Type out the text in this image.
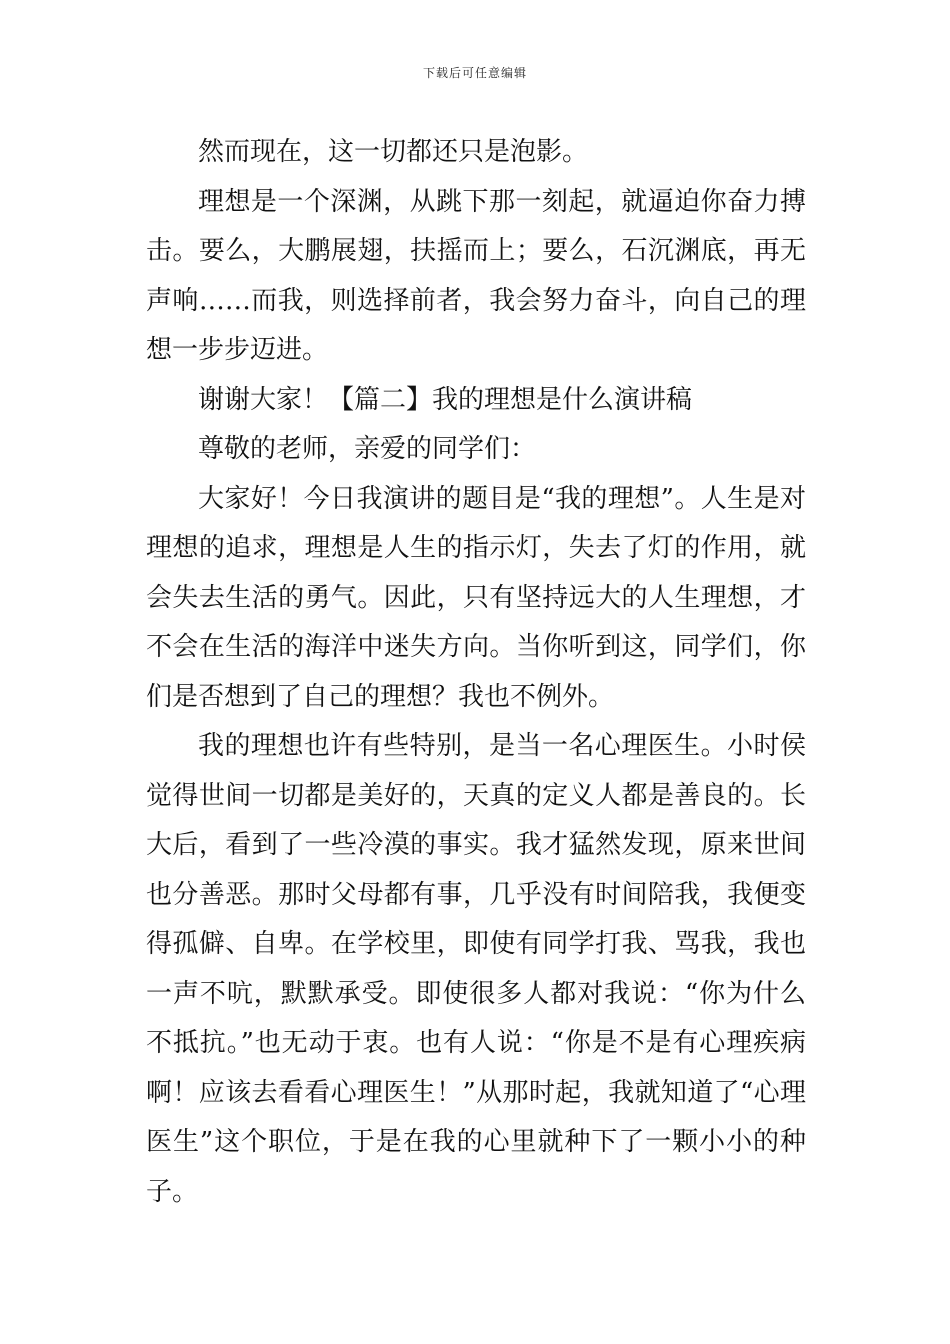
下载后可任意编辑

然而现在，这一切都还只是泡影。

理想是一个深渊，从跳下那一刻起，就逼迫你奋力搏击。要么，大鹏展翅，扶摇而上；要么，石沉渊底，再无声响……而我，则选择前者，我会努力奋斗，向自己的理想一步步迈进。

谢谢大家！【篇二】我的理想是什么演讲稿

尊敬的老师，亲爱的同学们：

大家好！今日我演讲的题目是“我的理想”。人生是对理想的追求，理想是人生的指示灯，失去了灯的作用，就会失去生活的勇气。因此，只有坚持远大的人生理想，才不会在生活的海洋中迷失方向。当你听到这，同学们，你们是否想到了自己的理想？我也不例外。

我的理想也许有些特别，是当一名心理医生。小时侯觉得世间一切都是美好的，天真的定义人都是善良的。长大后，看到了一些冷漠的事实。我才猛然发现，原来世间也分善恶。那时父母都有事，几乎没有时间陪我，我便变得孤僻、自卑。在学校里，即使有同学打我、骂我，我也一声不吭，默默承受。即使很多人都对我说：“你为什么不抵抗。”也无动于衷。也有人说：“你是不是有心理疾病啊！应该去看看心理医生！”从那时起，我就知道了“心理医生”这个职位，于是在我的心里就种下了一颗小小的种子。
